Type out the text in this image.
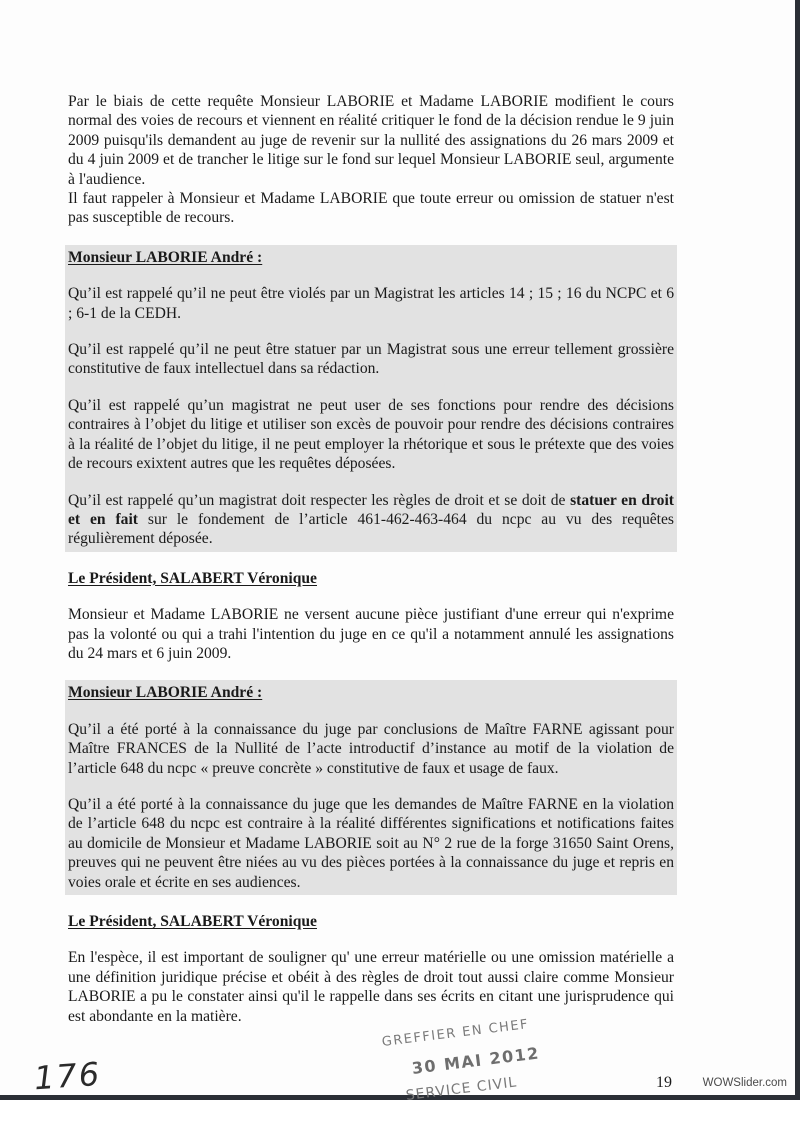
Par le biais de cette requête Monsieur LABORIE et Madame LABORIE modifient le cours normal des voies de recours et viennent en réalité critiquer le fond de la décision rendue le 9 juin 2009 puisqu'ils demandent au juge de revenir sur la nullité des assignations du 26 mars 2009 et du 4 juin 2009 et de trancher le litige sur le fond sur lequel Monsieur LABORIE seul, argumente à l'audience.

Il faut rappeler à Monsieur et Madame LABORIE que toute erreur ou omission de statuer n'est pas susceptible de recours.

Monsieur LABORIE André :

Qu’il est rappelé qu’il ne peut être violés par un Magistrat les articles 14 ; 15 ; 16 du NCPC et 6 ; 6-1 de la CEDH.

Qu’il est rappelé qu’il ne peut être statuer par un Magistrat sous une erreur tellement grossière constitutive de faux intellectuel dans sa rédaction.

Qu’il est rappelé qu’un magistrat ne peut user de ses fonctions pour rendre des décisions contraires à l’objet du litige et utiliser son excès de pouvoir pour rendre des décisions contraires à la réalité de l’objet du litige, il ne peut employer la rhétorique et sous le prétexte que des voies de recours exixtent autres que les requêtes déposées.

Qu’il est rappelé qu’un magistrat doit respecter les règles de droit et se doit de statuer en droit et en fait sur le fondement de l’article 461-462-463-464 du ncpc au vu des requêtes régulièrement déposée.

Le Président, SALABERT Véronique

Monsieur et Madame LABORIE ne versent aucune pièce justifiant d'une erreur qui n'exprime pas la volonté ou qui a trahi l'intention du juge en ce qu'il a notamment annulé les assignations du 24 mars et 6 juin 2009.

Monsieur LABORIE André :

Qu’il a été porté à la connaissance du juge par conclusions de Maître FARNE agissant pour Maître FRANCES de la Nullité de l’acte introductif d’instance au motif de la violation de l’article 648 du ncpc « preuve concrète » constitutive de faux et usage de faux.

Qu’il a été porté à la connaissance du juge que les demandes de Maître FARNE en la violation de l’article 648 du ncpc est contraire à la réalité différentes significations et notifications faites au domicile de Monsieur et Madame LABORIE soit au N° 2 rue de la forge 31650 Saint Orens, preuves qui ne peuvent être niées au vu des pièces portées à la connaissance du juge et repris en voies orale et écrite en ses audiences.

Le Président, SALABERT Véronique

En l'espèce, il est important de souligner qu' une erreur matérielle ou une omission matérielle a une définition juridique précise et obéit à des règles de droit tout aussi claire comme Monsieur LABORIE a pu le constater ainsi qu'il le rappelle dans ses écrits en citant une jurisprudence qui est abondante en la matière.

GREFFIER EN CHEF
30 MAI 2012
SERVICE CIVIL
176	19	WOWSlider.com
